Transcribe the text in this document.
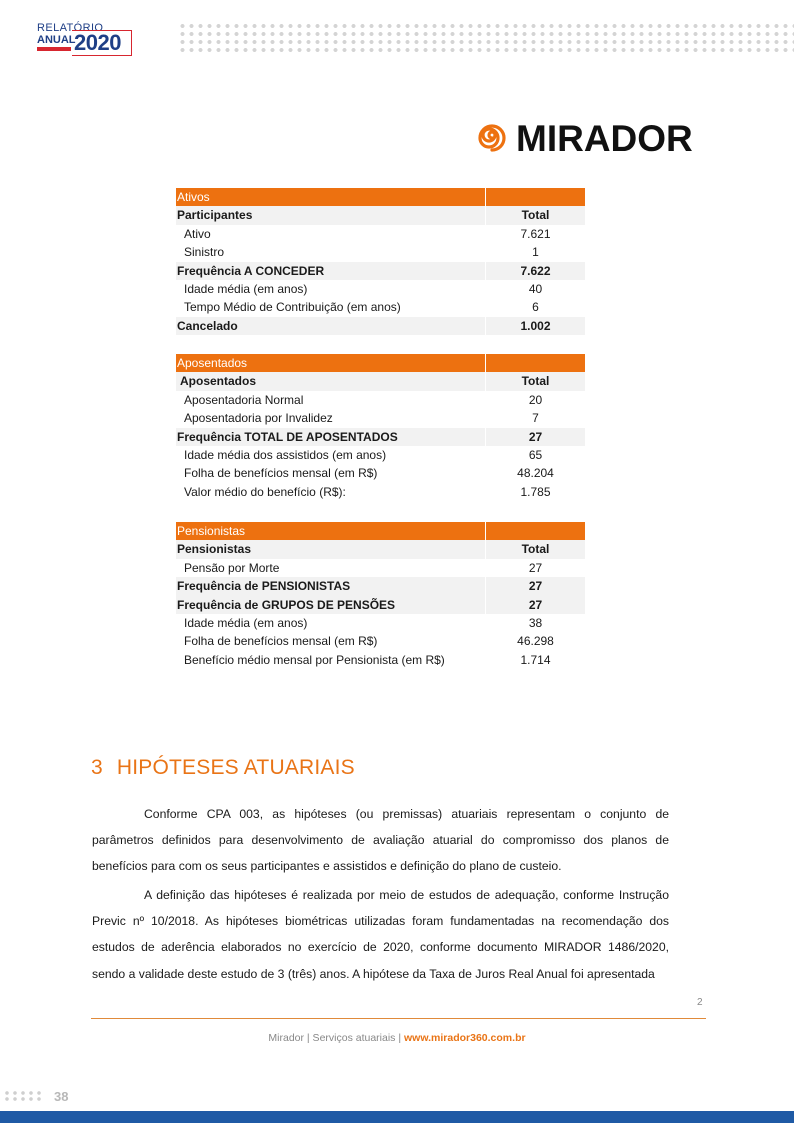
RELATÓRIO
ANUAL
2020
MIRADOR
Ativos
Participantes	Total
Ativo	7.621
Sinistro	1
Frequência A CONCEDER	7.622
Idade média (em anos)	40
Tempo Médio de Contribuição (em anos)	6
Cancelado	1.002
Aposentados
Aposentados	Total
Aposentadoria Normal	20
Aposentadoria por Invalidez	7
Frequência TOTAL DE APOSENTADOS	27
Idade média dos assistidos (em anos)	65
Folha de benefícios mensal (em R$)	48.204
Valor médio do benefício (R$):	1.785
Pensionistas
Pensionistas	Total
Pensão por Morte	27
Frequência de PENSIONISTAS	27
Frequência de GRUPOS DE PENSÕES	27
Idade média (em anos)	38
Folha de benefícios mensal (em R$)	46.298
Benefício médio mensal por Pensionista (em R$)	1.714
3 HIPÓTESES ATUARIAIS
Conforme CPA 003, as hipóteses (ou premissas) atuariais representam o conjunto de parâmetros definidos para desenvolvimento de avaliação atuarial do compromisso dos planos de benefícios para com os seus participantes e assistidos e definição do plano de custeio.
A definição das hipóteses é realizada por meio de estudos de adequação, conforme Instrução Previc nº 10/2018. As hipóteses biométricas utilizadas foram fundamentadas na recomendação dos estudos de aderência elaborados no exercício de 2020, conforme documento MIRADOR 1486/2020, sendo a validade deste estudo de 3 (três) anos. A hipótese da Taxa de Juros Real Anual foi apresentada
2
Mirador | Serviços atuariais | www.mirador360.com.br
38
